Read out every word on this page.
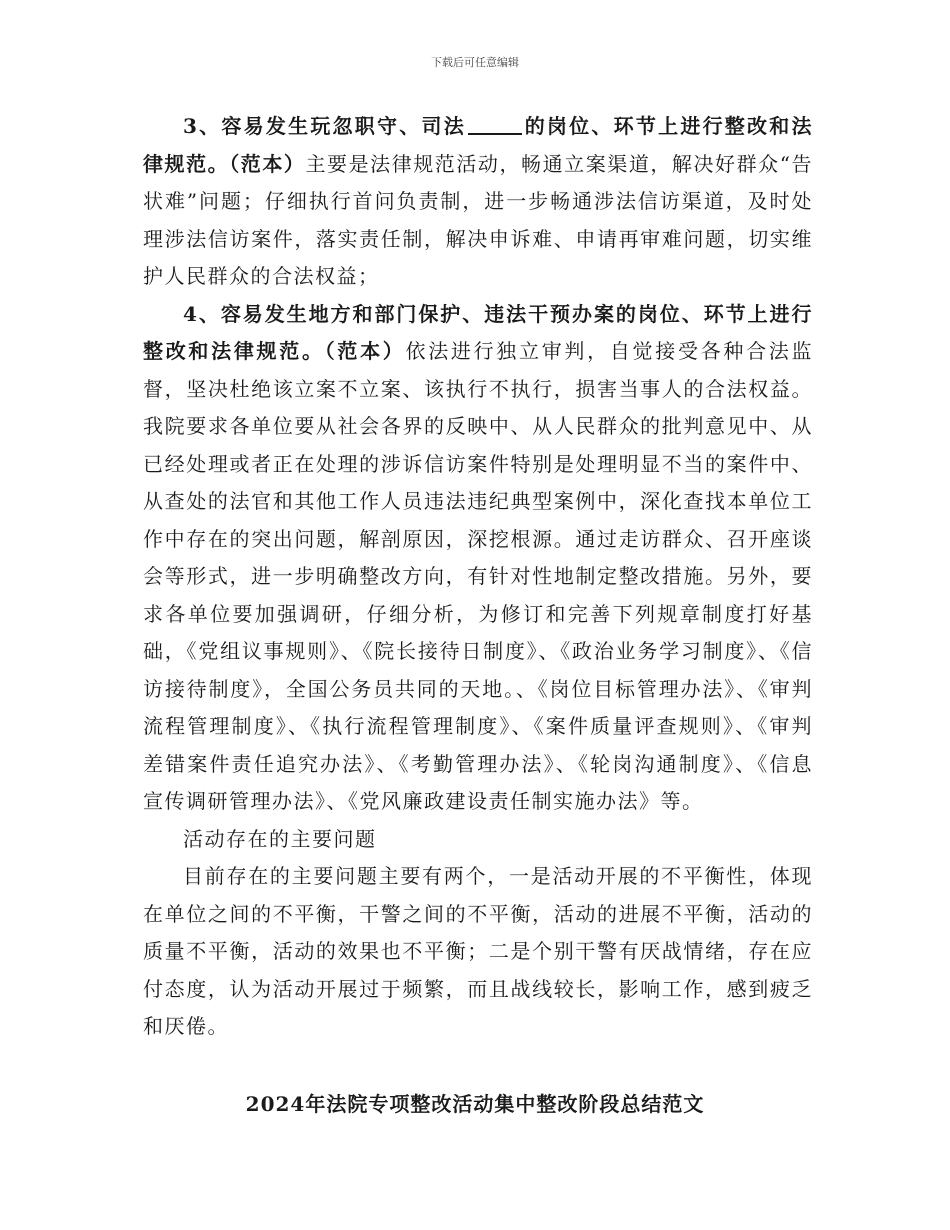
下载后可任意编辑

3、容易发生玩忽职守、司法	的岗位、环节上进行整改和法律规范。（范本）主要是法律规范活动，畅通立案渠道，解决好群众“告状难”问题；仔细执行首问负责制，进一步畅通涉法信访渠道，及时处理涉法信访案件，落实责任制，解决申诉难、申请再审难问题，切实维护人民群众的合法权益；

4、容易发生地方和部门保护、违法干预办案的岗位、环节上进行整改和法律规范。（范本）依法进行独立审判，自觉接受各种合法监督，坚决杜绝该立案不立案、该执行不执行，损害当事人的合法权益。我院要求各单位要从社会各界的反映中、从人民群众的批判意见中、从已经处理或者正在处理的涉诉信访案件特别是处理明显不当的案件中、从查处的法官和其他工作人员违法违纪典型案例中，深化查找本单位工作中存在的突出问题，解剖原因，深挖根源。通过走访群众、召开座谈会等形式，进一步明确整改方向，有针对性地制定整改措施。另外，要求各单位要加强调研，仔细分析，为修订和完善下列规章制度打好基础，《党组议事规则》、《院长接待日制度》、《政治业务学习制度》、《信访接待制度》，全国公务员共同的天地。、《岗位目标管理办法》、《审判流程管理制度》、《执行流程管理制度》、《案件质量评查规则》、《审判差错案件责任追究办法》、《考勤管理办法》、《轮岗沟通制度》、《信息宣传调研管理办法》、《党风廉政建设责任制实施办法》等。

活动存在的主要问题

目前存在的主要问题主要有两个，一是活动开展的不平衡性，体现在单位之间的不平衡，干警之间的不平衡，活动的进展不平衡，活动的质量不平衡，活动的效果也不平衡；二是个别干警有厌战情绪，存在应付态度，认为活动开展过于频繁，而且战线较长，影响工作，感到疲乏和厌倦。

2024年法院专项整改活动集中整改阶段总结范文
